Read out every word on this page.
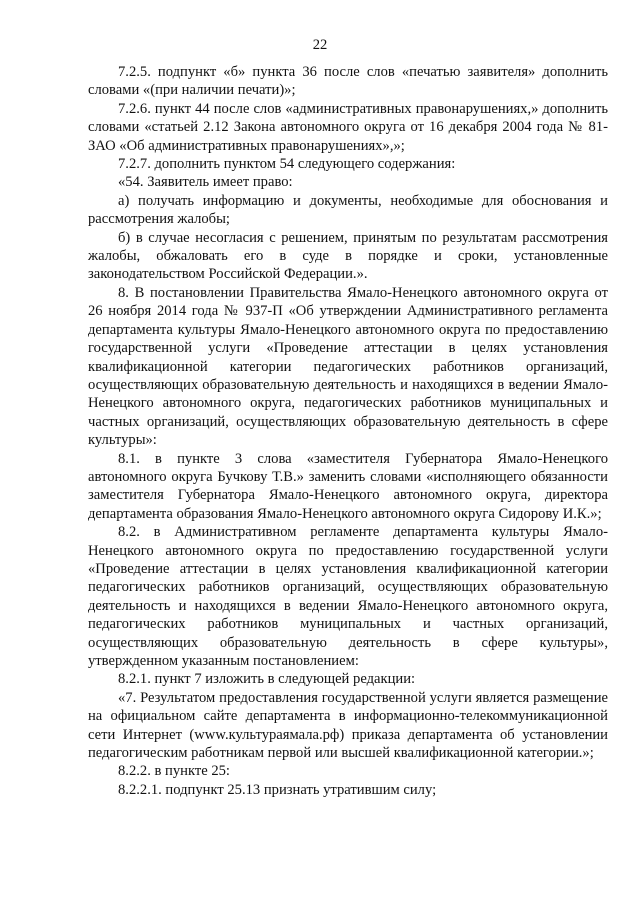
22

7.2.5. подпункт «б» пункта 36 после слов «печатью заявителя» дополнить словами «(при наличии печати)»;

7.2.6. пункт 44 после слов «административных правонарушениях,» дополнить словами «статьей 2.12 Закона автономного округа от 16 декабря 2004 года № 81-ЗАО «Об административных правонарушениях»,»;

7.2.7. дополнить пунктом 54 следующего содержания:

«54. Заявитель имеет право:

а) получать информацию и документы, необходимые для обоснования и рассмотрения жалобы;

б) в случае несогласия с решением, принятым по результатам рассмотрения жалобы, обжаловать его в суде в порядке и сроки, установленные законодательством Российской Федерации.».

8. В постановлении Правительства Ямало-Ненецкого автономного округа от 26 ноября 2014 года № 937-П «Об утверждении Административного регламента департамента культуры Ямало-Ненецкого автономного округа по предоставлению государственной услуги «Проведение аттестации в целях установления квалификационной категории педагогических работников организаций, осуществляющих образовательную деятельность и находящихся в ведении Ямало-Ненецкого автономного округа, педагогических работников муниципальных и частных организаций, осуществляющих образовательную деятельность в сфере культуры»:

8.1. в пункте 3 слова «заместителя Губернатора Ямало-Ненецкого автономного округа Бучкову Т.В.» заменить словами «исполняющего обязанности заместителя Губернатора Ямало-Ненецкого автономного округа, директора департамента образования Ямало-Ненецкого автономного округа Сидорову И.К.»;

8.2. в Административном регламенте департамента культуры Ямало-Ненецкого автономного округа по предоставлению государственной услуги «Проведение аттестации в целях установления квалификационной категории педагогических работников организаций, осуществляющих образовательную деятельность и находящихся в ведении Ямало-Ненецкого автономного округа, педагогических работников муниципальных и частных организаций, осуществляющих образовательную деятельность в сфере культуры», утвержденном указанным постановлением:

8.2.1. пункт 7 изложить в следующей редакции:

«7. Результатом предоставления государственной услуги является размещение на официальном сайте департамента в информационно-телекоммуникационной сети Интернет (www.культураямала.рф) приказа департамента об установлении педагогическим работникам первой или высшей квалификационной категории.»;

8.2.2. в пункте 25:

8.2.2.1. подпункт 25.13 признать утратившим силу;
